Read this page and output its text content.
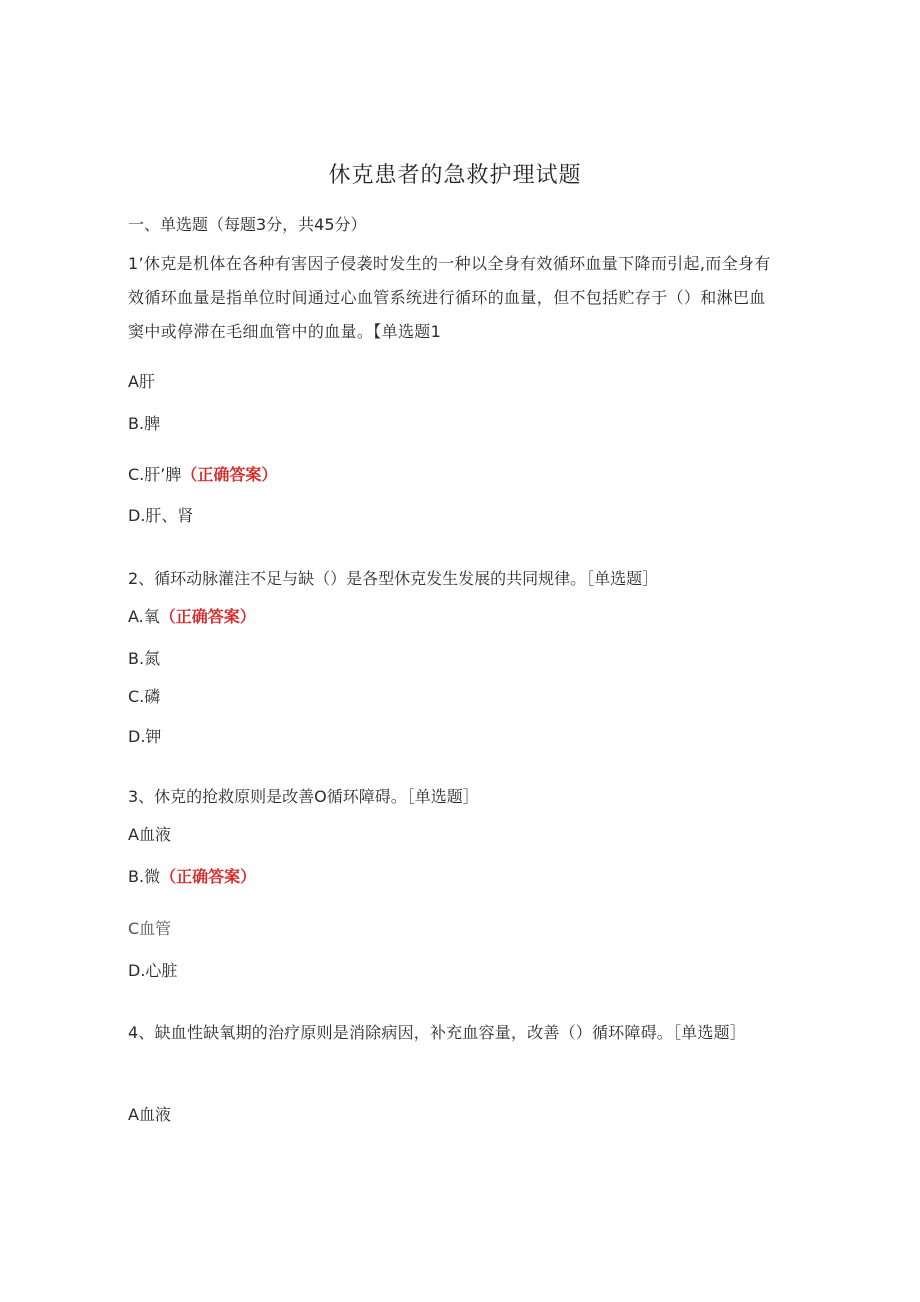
休克患者的急救护理试题
一、单选题（每题3分，共45分）
1’休克是机体在各种有害因子侵袭时发生的一种以全身有效循环血量下降而引起,而全身有效循环血量是指单位时间通过心血管系统进行循环的血量，但不包括贮存于（）和淋巴血窦中或停滞在毛细血管中的血量。【单选题1
A肝
B.脾
C.肝’脾（正确答案）
D.肝、肾
2、循环动脉灌注不足与缺（）是各型休克发生发展的共同规律。［单选题］
A.氧（正确答案）
B.氮
C.磷
D.钾
3、休克的抢救原则是改善O循环障碍。［单选题］
A血液
B.微（正确答案）
C血管
D.心脏
4、缺血性缺氧期的治疗原则是消除病因，补充血容量，改善（）循环障碍。［单选题］
A血液
